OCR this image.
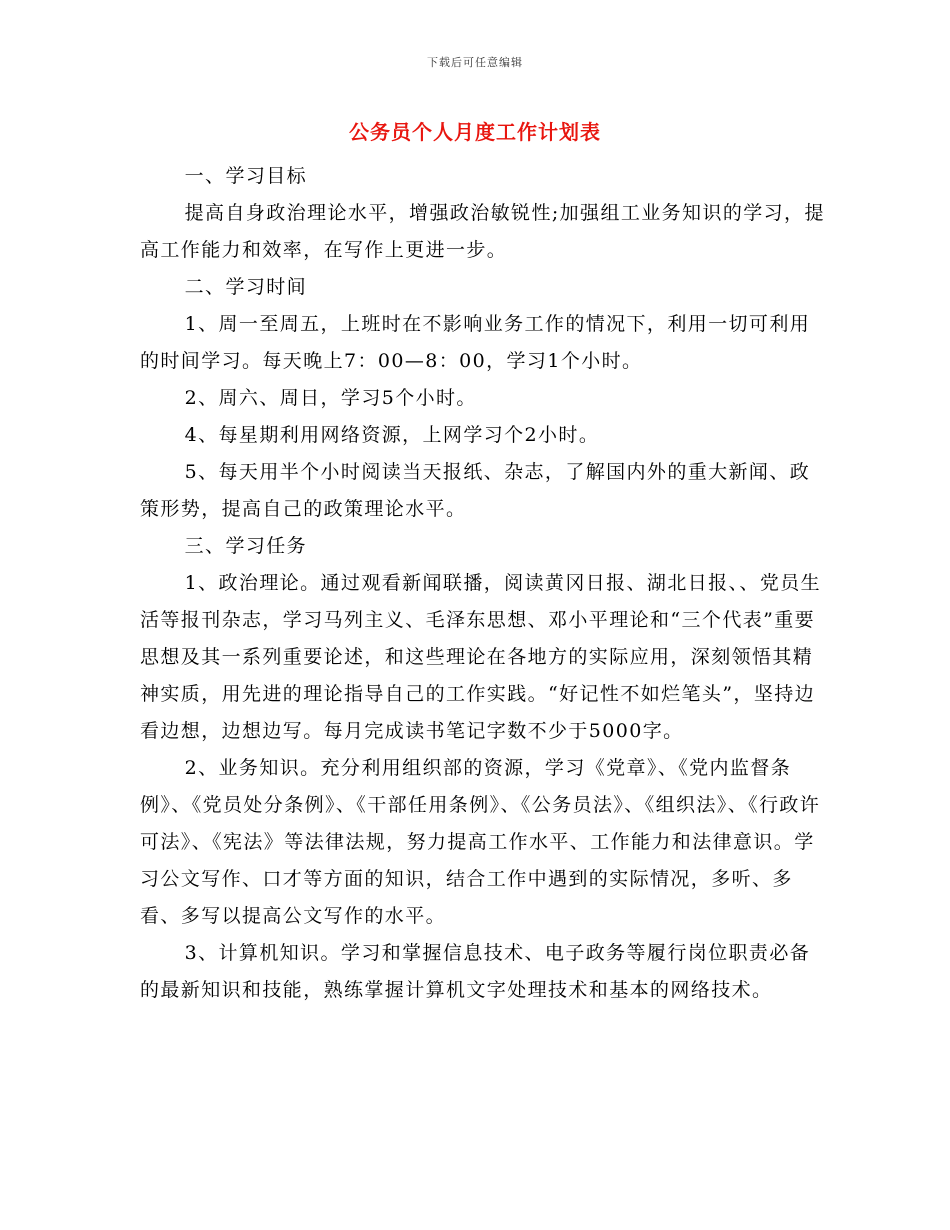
下载后可任意编辑
公务员个人月度工作计划表

一、学习目标

提高自身政治理论水平，增强政治敏锐性;加强组工业务知识的学习，提高工作能力和效率，在写作上更进一步。

二、学习时间

1、周一至周五，上班时在不影响业务工作的情况下，利用一切可利用的时间学习。每天晚上7：00—8：00，学习1个小时。

2、周六、周日，学习5个小时。

4、每星期利用网络资源，上网学习个2小时。

5、每天用半个小时阅读当天报纸、杂志，了解国内外的重大新闻、政策形势，提高自己的政策理论水平。

三、学习任务

1、政治理论。通过观看新闻联播，阅读黄冈日报、湖北日报、、党员生活等报刊杂志，学习马列主义、毛泽东思想、邓小平理论和“三个代表”重要思想及其一系列重要论述，和这些理论在各地方的实际应用，深刻领悟其精神实质，用先进的理论指导自己的工作实践。“好记性不如烂笔头”，坚持边看边想，边想边写。每月完成读书笔记字数不少于5000字。

2、业务知识。充分利用组织部的资源，学习《党章》、《党内监督条例》、《党员处分条例》、《干部任用条例》、《公务员法》、《组织法》、《行政许可法》、《宪法》等法律法规，努力提高工作水平、工作能力和法律意识。学习公文写作、口才等方面的知识，结合工作中遇到的实际情况，多听、多看、多写以提高公文写作的水平。

3、计算机知识。学习和掌握信息技术、电子政务等履行岗位职责必备的最新知识和技能，熟练掌握计算机文字处理技术和基本的网络技术。
